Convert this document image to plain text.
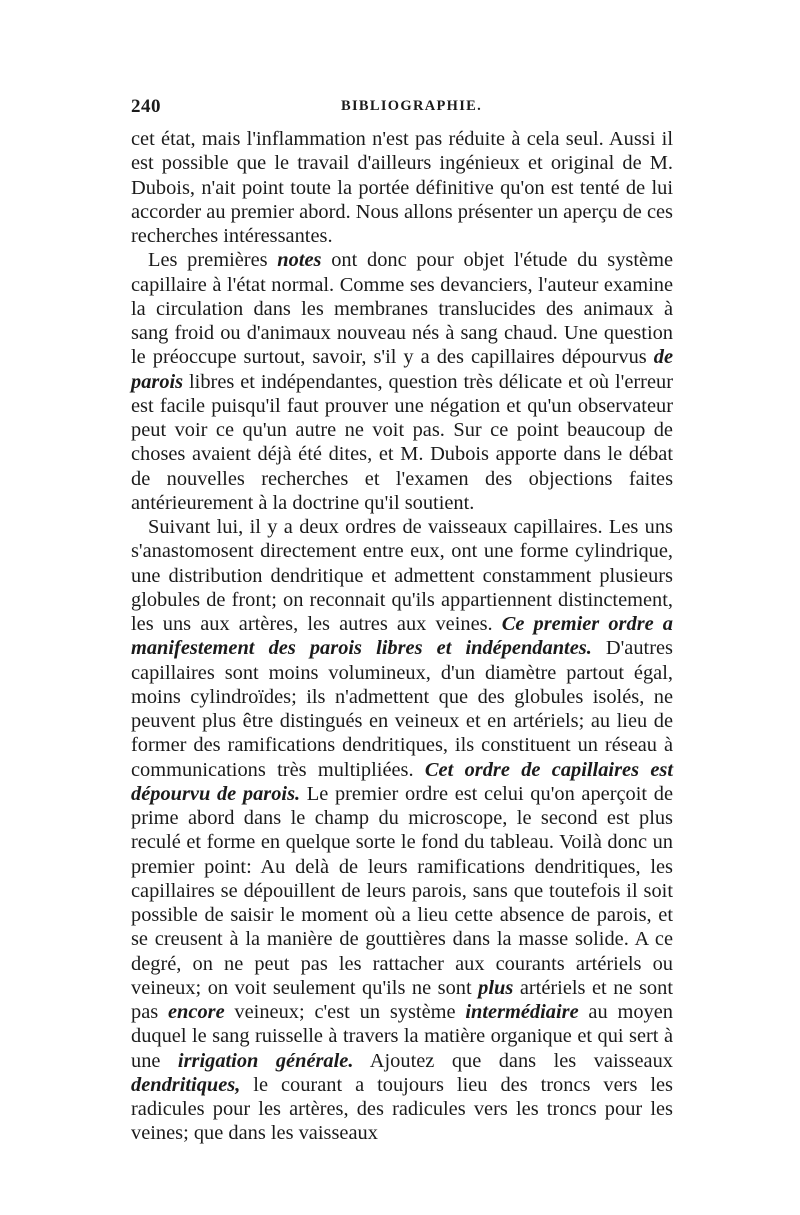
240	BIBLIOGRAPHIE.

cet état, mais l'inflammation n'est pas réduite à cela seul. Aussi il est possible que le travail d'ailleurs ingénieux et original de M. Dubois, n'ait point toute la portée définitive qu'on est tenté de lui accorder au premier abord. Nous allons présenter un aperçu de ces recherches intéressantes.

Les premières notes ont donc pour objet l'étude du système capillaire à l'état normal. Comme ses devanciers, l'auteur examine la circulation dans les membranes translucides des animaux à sang froid ou d'animaux nouveau nés à sang chaud. Une question le préoccupe surtout, savoir, s'il y a des capillaires dépourvus de parois libres et indépendantes, question très délicate et où l'erreur est facile puisqu'il faut prouver une négation et qu'un observateur peut voir ce qu'un autre ne voit pas. Sur ce point beaucoup de choses avaient déjà été dites, et M. Dubois apporte dans le débat de nouvelles recherches et l'examen des objections faites antérieurement à la doctrine qu'il soutient.

Suivant lui, il y a deux ordres de vaisseaux capillaires. Les uns s'anastomosent directement entre eux, ont une forme cylindrique, une distribution dendritique et admettent constamment plusieurs globules de front; on reconnait qu'ils appartiennent distinctement, les uns aux artères, les autres aux veines. Ce premier ordre a manifestement des parois libres et indépendantes. D'autres capillaires sont moins volumineux, d'un diamètre partout égal, moins cylindroïdes; ils n'admettent que des globules isolés, ne peuvent plus être distingués en veineux et en artériels; au lieu de former des ramifications dendritiques, ils constituent un réseau à communications très multipliées. Cet ordre de capillaires est dépourvu de parois. Le premier ordre est celui qu'on aperçoit de prime abord dans le champ du microscope, le second est plus reculé et forme en quelque sorte le fond du tableau. Voilà donc un premier point: Au delà de leurs ramifications dendritiques, les capillaires se dépouillent de leurs parois, sans que toutefois il soit possible de saisir le moment où a lieu cette absence de parois, et se creusent à la manière de gouttières dans la masse solide. A ce degré, on ne peut pas les rattacher aux courants artériels ou veineux; on voit seulement qu'ils ne sont plus artériels et ne sont pas encore veineux; c'est un système intermédiaire au moyen duquel le sang ruisselle à travers la matière organique et qui sert à une irrigation générale. Ajoutez que dans les vaisseaux dendritiques, le courant a toujours lieu des troncs vers les radicules pour les artères, des radicules vers les troncs pour les veines; que dans les vaisseaux
